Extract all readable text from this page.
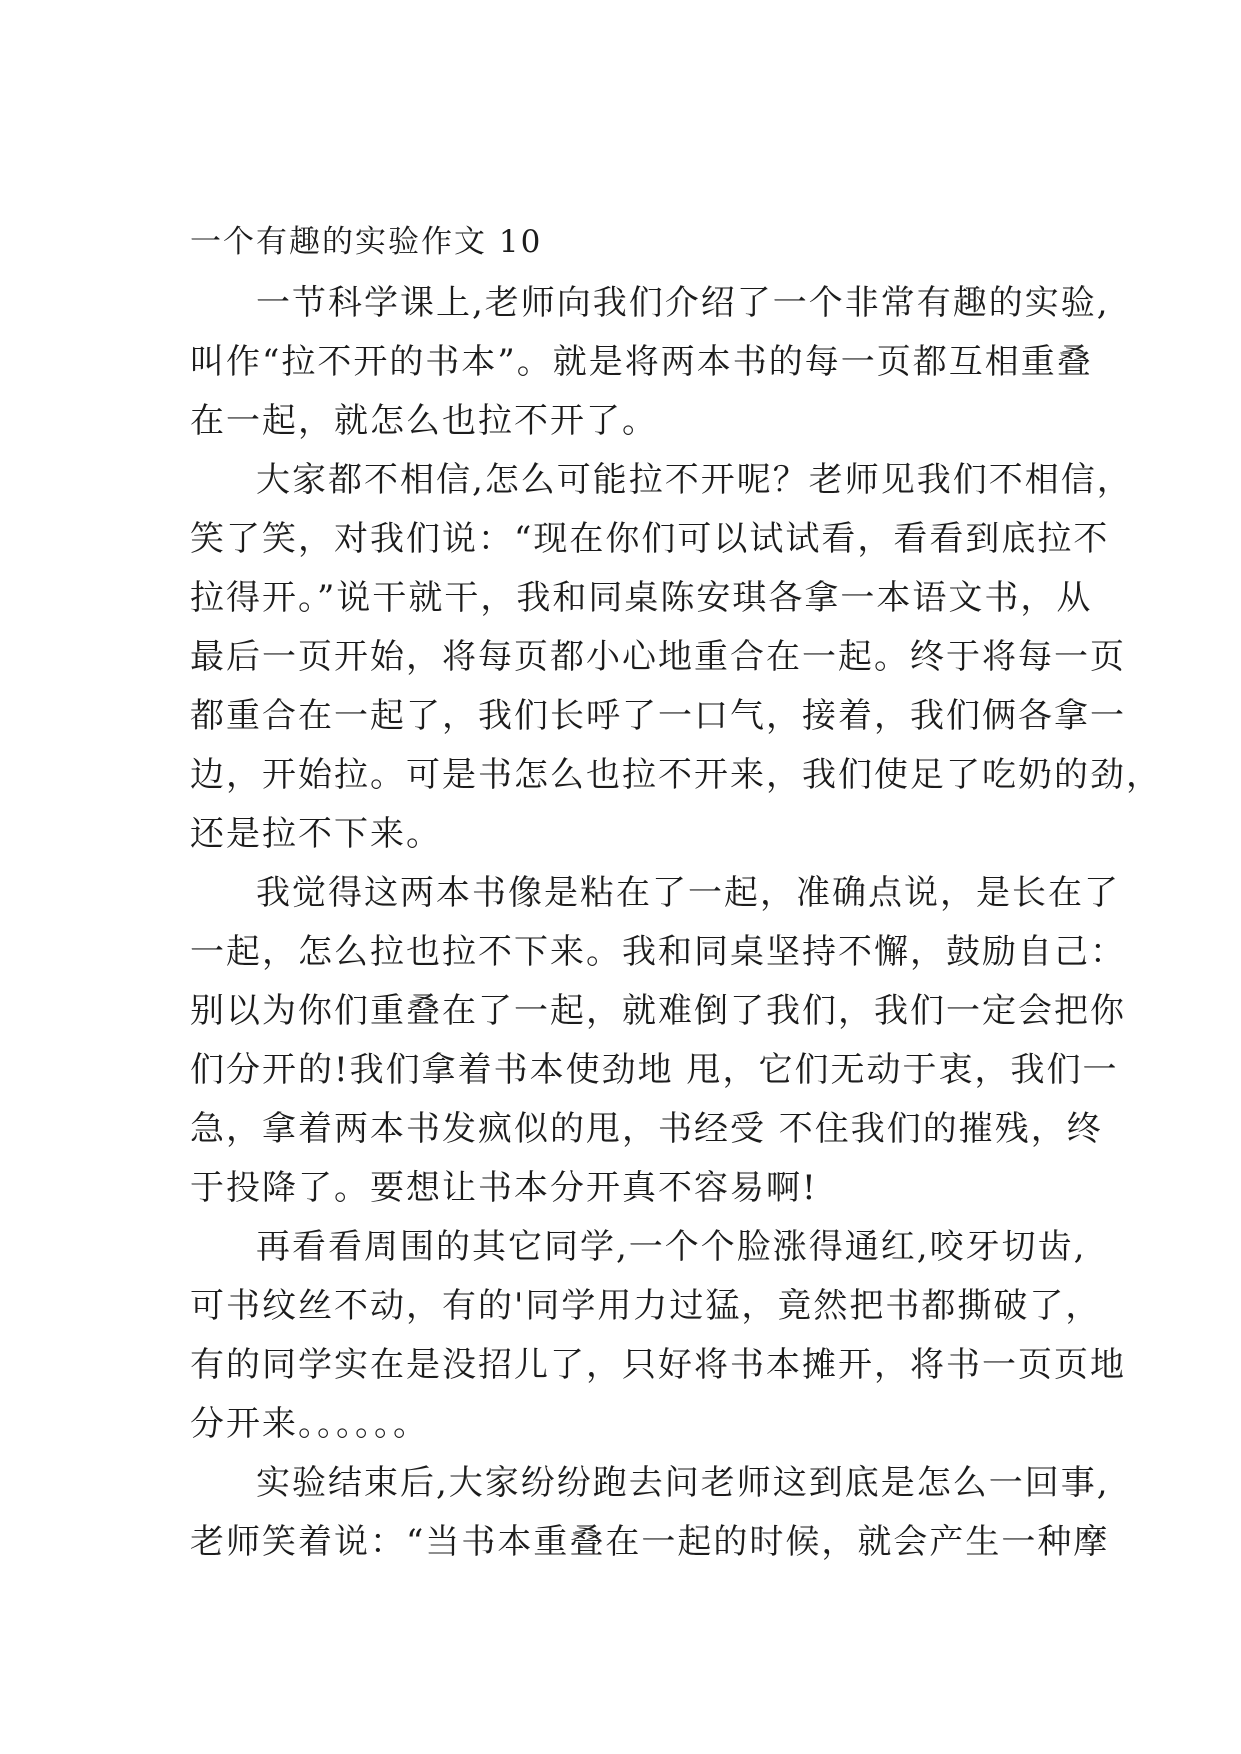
一个有趣的实验作文 10
一节科学课上,老师向我们介绍了一个非常有趣的实验,
叫作“拉不开的书本”。就是将两本书的每一页都互相重叠
在一起，就怎么也拉不开了。
大家都不相信,怎么可能拉不开呢？老师见我们不相信，
笑了笑，对我们说：“现在你们可以试试看，看看到底拉不
拉得开。”说干就干，我和同桌陈安琪各拿一本语文书，从
最后一页开始，将每页都小心地重合在一起。终于将每一页
都重合在一起了，我们长呼了一口气，接着，我们俩各拿一
边，开始拉。可是书怎么也拉不开来，我们使足了吃奶的劲，
还是拉不下来。
我觉得这两本书像是粘在了一起，准确点说，是长在了
一起，怎么拉也拉不下来。我和同桌坚持不懈，鼓励自己：
别以为你们重叠在了一起，就难倒了我们，我们一定会把你
们分开的!我们拿着书本使劲地 甩，它们无动于衷，我们一
急，拿着两本书发疯似的甩，书经受 不住我们的摧残，终
于投降了。要想让书本分开真不容易啊!
再看看周围的其它同学,一个个脸涨得通红,咬牙切齿,
可书纹丝不动，有的'同学用力过猛，竟然把书都撕破了，
有的同学实在是没招儿了，只好将书本摊开，将书一页页地
分开来。。。。。。
实验结束后,大家纷纷跑去问老师这到底是怎么一回事,
老师笑着说：“当书本重叠在一起的时候，就会产生一种摩
